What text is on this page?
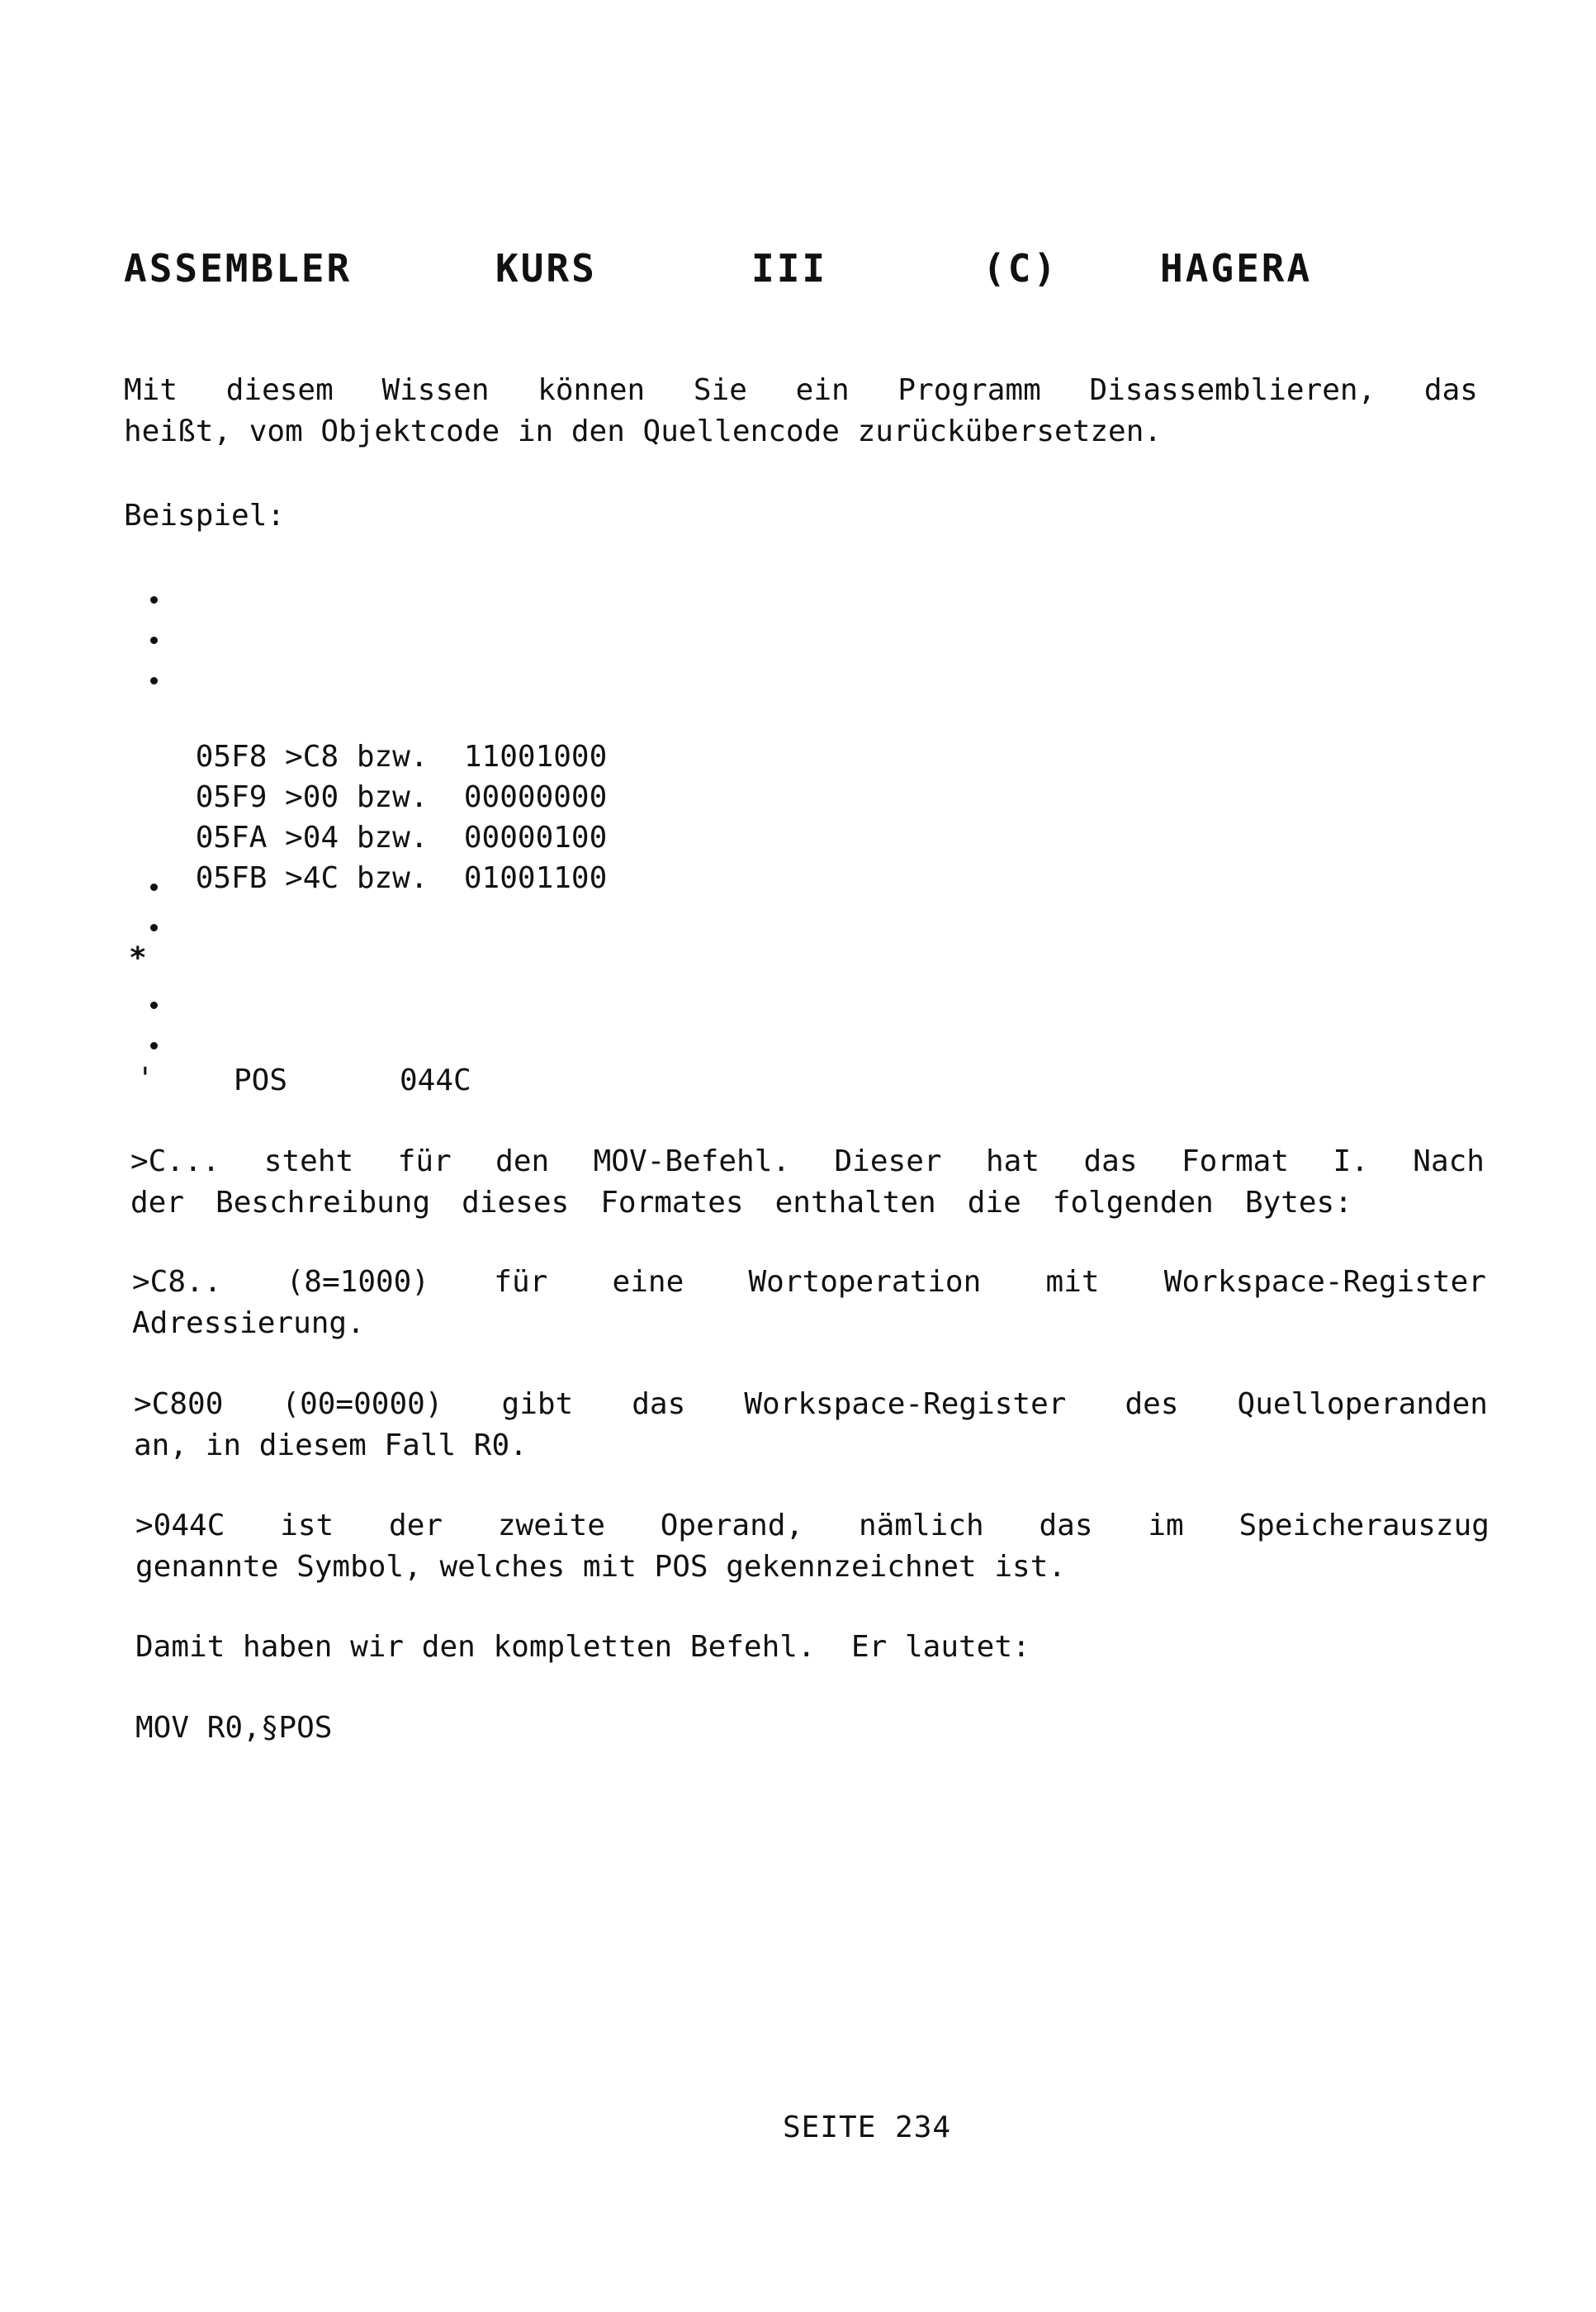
ASSEMBLER	KURS	III	(C)	HAGERA
Mit diesem Wissen können Sie ein Programm Disassemblieren, das
heißt, vom Objektcode in den Quellencode zurückübersetzen.
Beispiel:

05F8 >C8 bzw. 11001000

05F9 >00 bzw. 00000000

05FA >04 bzw. 00000100

05FB >4C bzw. 01001100

*
'	POS	044C
>C... steht für den MOV-Befehl. Dieser hat das Format I. Nach
der Beschreibung dieses Formates enthalten die folgenden Bytes:
>C8.. (8=1000) für eine Wortoperation mit Workspace-Register
Adressierung.
>C800 (00=0000) gibt das Workspace-Register des Quelloperanden
an, in diesem Fall R0.
>044C ist der zweite Operand, nämlich das im Speicherauszug
genannte Symbol, welches mit POS gekennzeichnet ist.
Damit haben wir den kompletten Befehl.  Er lautet:
MOV R0,§POS
SEITE 234
